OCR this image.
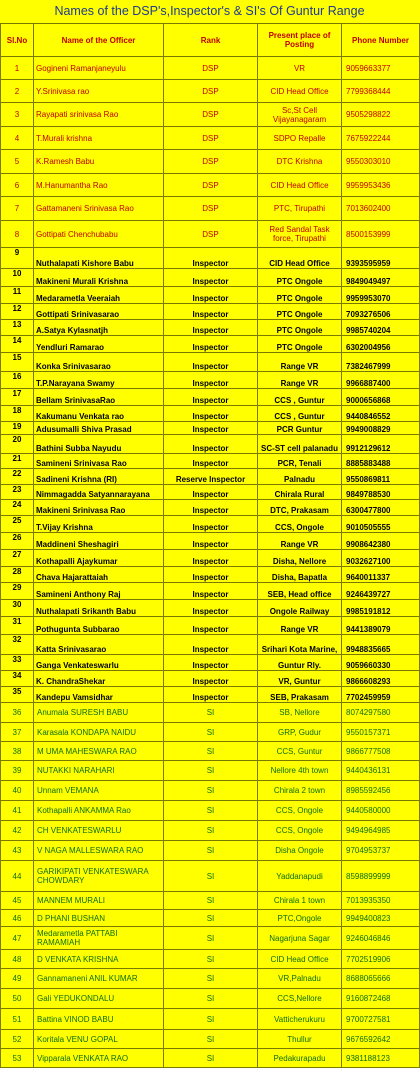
Names of the DSP's,Inspector's & SI's Of Guntur Range
Sl.No	Name of the Officer	Rank	Present place of Posting	Phone Number
1	Gogineni Ramanjaneyulu	DSP	VR	9059663377
2	Y.Srinivasa rao	DSP	CID Head Office	7799368444
3	Rayapati srinivasa Rao	DSP	Sc,St Cell Vijayanagaram	9505298822
4	T.Murali krishna	DSP	SDPO Repalle	7675922244
5	K.Ramesh Babu	DSP	DTC Krishna	9550303010
6	M.Hanumantha Rao	DSP	CID Head Office	9959953436
7	Gattamaneni Srinivasa Rao	DSP	PTC, Tirupathi	7013602400
8	Gottipati Chenchubabu	DSP	Red Sandal Task force, Tirupathi	8500153999
9	Nuthalapati Kishore Babu	Inspector	CID Head Office	9393595959
10	Makineni Murali Krishna	Inspector	PTC Ongole	9849049497
11	Medarametla Veeraiah	Inspector	PTC Ongole	9959953070
12	Gottipati Srinivasarao	Inspector	PTC Ongole	7093276506
13	A.Satya Kylasnatjh	Inspector	PTC Ongole	9985740204
14	Yendluri Ramarao	Inspector	PTC Ongole	6302004956
15	Konka Srinivasarao	Inspector	Range VR	7382467999
16	T.P.Narayana Swamy	Inspector	Range VR	9966887400
17	Bellam SrinivasaRao	Inspector	CCS , Guntur	9000656868
18	Kakumanu Venkata rao	Inspector	CCS , Guntur	9440846552
19	Adusumalli Shiva Prasad	Inspector	PCR Guntur	9949008829
20	Bathini Subba Nayudu	Inspector	SC-ST cell palanadu	9912129612
21	Samineni Srinivasa Rao	Inspector	PCR, Tenali	8885883488
22	Sadineni Krishna (RI)	Reserve Inspector	Palnadu	9550869811
23	Nimmagadda Satyannarayana	Inspector	Chirala Rural	9849788530
24	Makineni Srinivasa Rao	Inspector	DTC, Prakasam	6300477800
25	T.Vijay Krishna	Inspector	CCS, Ongole	9010505555
26	Maddineni Sheshagiri	Inspector	Range VR	9908642380
27	Kothapalli Ajaykumar	Inspector	Disha, Nellore	9032627100
28	Chava Hajarattaiah	Inspector	Disha, Bapatla	9640011337
29	Samineni Anthony Raj	Inspector	SEB, Head office	9246439727
30	Nuthalapati Srikanth Babu	Inspector	Ongole Railway	9985191812
31	Pothugunta Subbarao	Inspector	Range VR	9441389079
32	Katta Srinivasarao	Inspector	Srihari Kota Marine,	9948835665
33	Ganga Venkateswarlu	Inspector	Guntur Rly.	9059660330
34	K. ChandraShekar	Inspector	VR, Guntur	9866608293
35	Kandepu Vamsidhar	Inspector	SEB, Prakasam	7702459959
36	Anumala SURESH BABU	SI	SB, Nellore	8074297580
37	Karasala KONDAPA NAIDU	SI	GRP, Gudur	9550157371
38	M UMA MAHESWARA RAO	SI	CCS, Guntur	9866777508
39	NUTAKKI NARAHARI	SI	Nellore 4th town	9440436131
40	Unnam VEMANA	SI	Chirala 2 town	8985592456
41	Kothapalli ANKAMMA Rao	SI	CCS, Ongole	9440580000
42	CH VENKATESWARLU	SI	CCS, Ongole	9494964985
43	V NAGA MALLESWARA RAO	SI	Disha Ongole	9704953737
44	GARIKIPATI VENKATESWARA CHOWDARY	SI	Yaddanapudi	8598899999
45	MANNEM MURALI	SI	Chirala 1 town	7013935350
46	D PHANI BUSHAN	SI	PTC,Ongole	9949400823
47	Medarametla PATTABI RAMAMIAH	SI	Nagarjuna Sagar	9246046846
48	D VENKATA KRISHNA	SI	CID Head Office	7702519906
49	Gannamaneni ANIL KUMAR	SI	VR,Palnadu	8688065666
50	Gali YEDUKONDALU	SI	CCS,Nellore	9160872468
51	Battina VINOD BABU	SI	Vatticherukuru	9700727581
52	Koritala VENU GOPAL	SI	Thullur	9676592642
53	Vipparala VENKATA RAO	SI	Pedakurapadu	9381188123
